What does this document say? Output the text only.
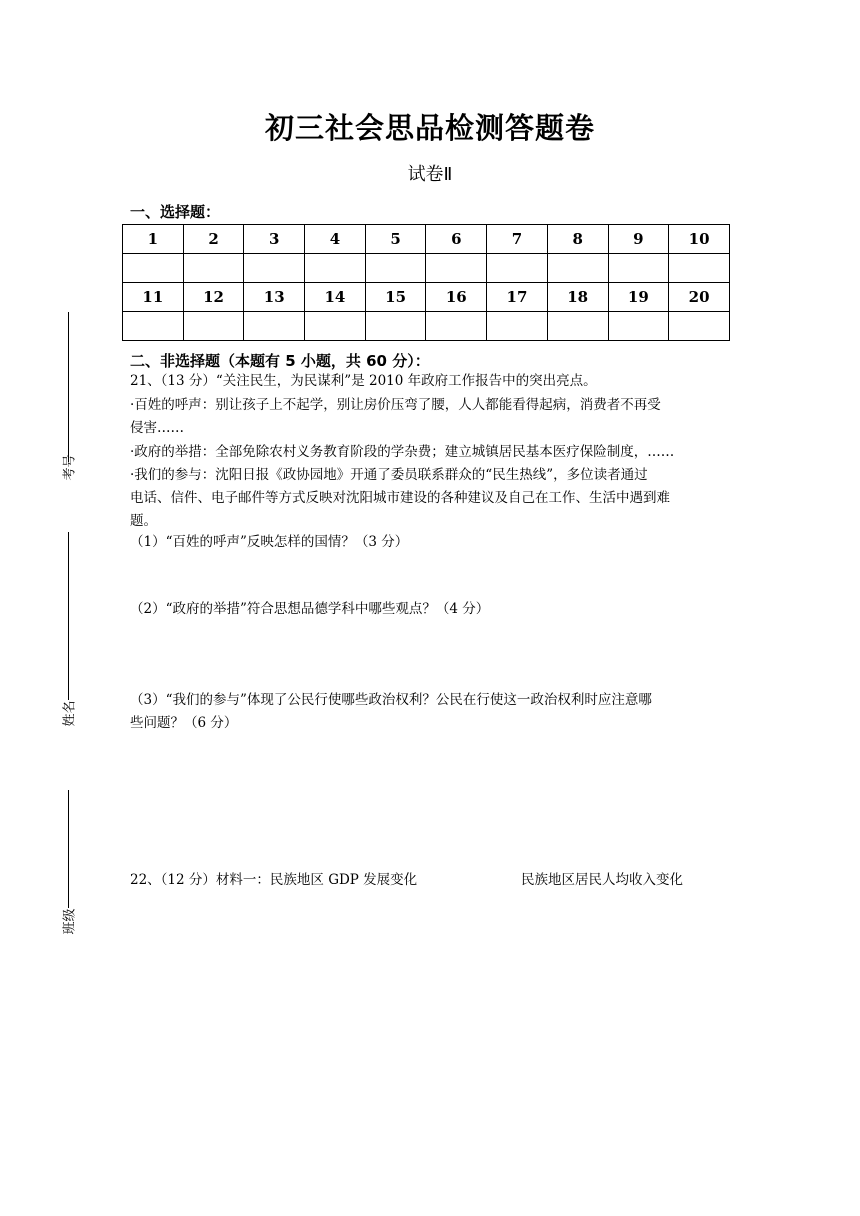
考号
姓名
班级
初三社会思品检测答题卷
试卷Ⅱ
一、选择题：
1	2	3	4	5	6	7	8	9	10

11	12	13	14	15	16	17	18	19	20

二、非选择题（本题有 5 小题，共 60 分）：
21、（13 分）“关注民生，为民谋利”是 2010 年政府工作报告中的突出亮点。
·百姓的呼声：别让孩子上不起学，别让房价压弯了腰，人人都能看得起病，消费者不再受
侵害……
·政府的举措：全部免除农村义务教育阶段的学杂费；建立城镇居民基本医疗保险制度，……
·我们的参与：沈阳日报《政协园地》开通了委员联系群众的“民生热线”，多位读者通过
电话、信件、电子邮件等方式反映对沈阳城市建设的各种建议及自己在工作、生活中遇到难
题。
（1）“百姓的呼声”反映怎样的国情？（3 分）
（2）“政府的举措”符合思想品德学科中哪些观点？（4 分）
（3）“我们的参与”体现了公民行使哪些政治权利？公民在行使这一政治权利时应注意哪
些问题？（6 分）
22、（12 分）材料一：民族地区 GDP 发展变化	民族地区居民人均收入变化
